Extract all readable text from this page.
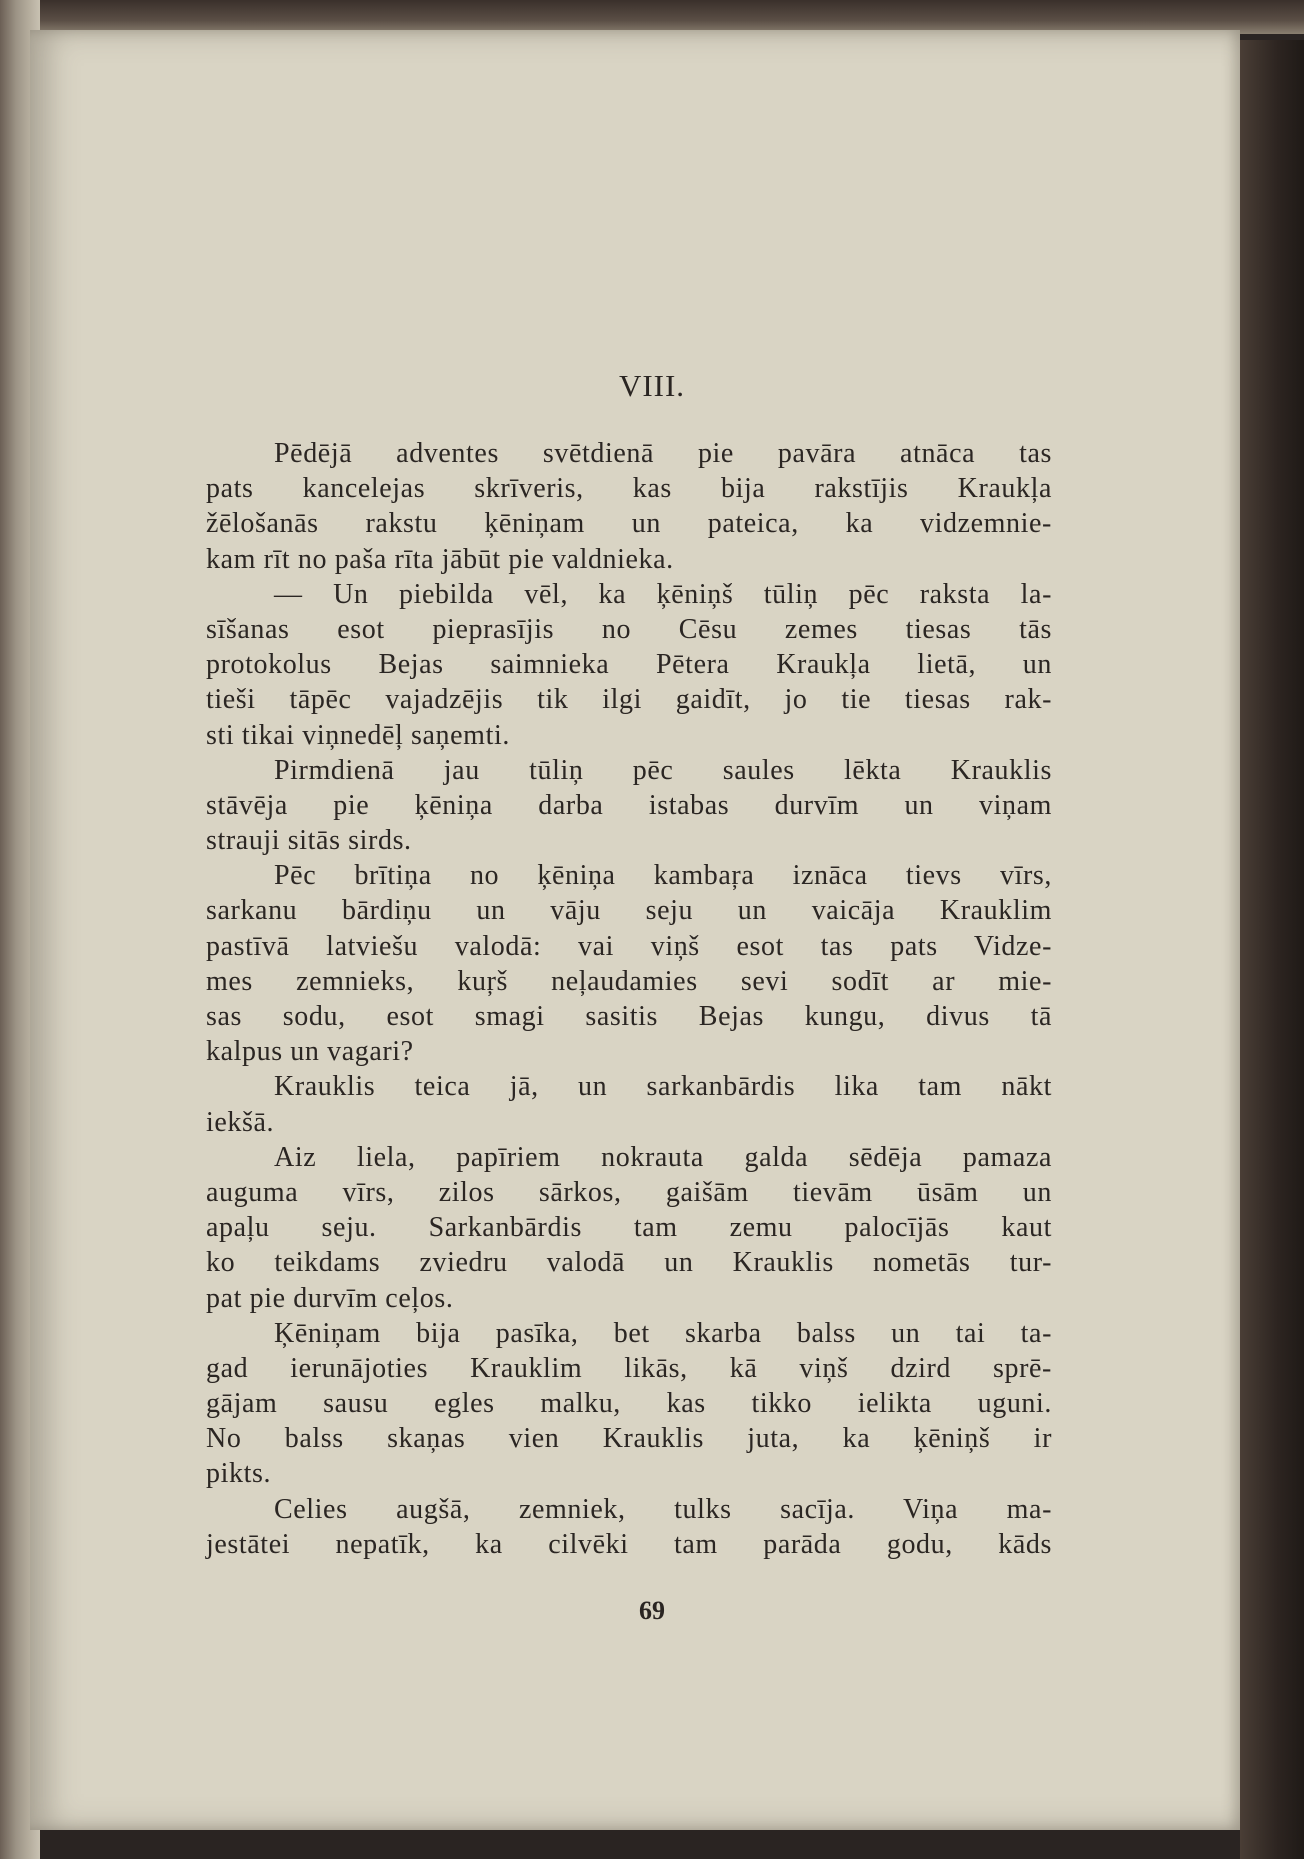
VIII.
Pēdējā adventes svētdienā pie pavāra atnāca tas
pats kancelejas skrīveris, kas bija rakstījis Kraukļa
žēlošanās rakstu ķēniņam un pateica, ka vidzemnie-
kam rīt no paša rīta jābūt pie valdnieka.
— Un piebilda vēl, ka ķēniņš tūliņ pēc raksta la-
sīšanas esot pieprasījis no Cēsu zemes tiesas tās
protokolus Bejas saimnieka Pētera Kraukļa lietā, un
tieši tāpēc vajadzējis tik ilgi gaidīt, jo tie tiesas rak-
sti tikai viņnedēļ saņemti.
Pirmdienā jau tūliņ pēc saules lēkta Krauklis
stāvēja pie ķēniņa darba istabas durvīm un viņam
strauji sitās sirds.
Pēc brītiņa no ķēniņa kambaŗa iznāca tievs vīrs,
sarkanu bārdiņu un vāju seju un vaicāja Krauklim
pastīvā latviešu valodā: vai viņš esot tas pats Vidze-
mes zemnieks, kuŗš neļaudamies sevi sodīt ar mie-
sas sodu, esot smagi sasitis Bejas kungu, divus tā
kalpus un vagari?
Krauklis teica jā, un sarkanbārdis lika tam nākt
iekšā.
Aiz liela, papīriem nokrauta galda sēdēja pamaza
auguma vīrs, zilos sārkos, gaišām tievām ūsām un
apaļu seju. Sarkanbārdis tam zemu palocījās kaut
ko teikdams zviedru valodā un Krauklis nometās tur-
pat pie durvīm ceļos.
Ķēniņam bija pasīka, bet skarba balss un tai ta-
gad ierunājoties Krauklim likās, kā viņš dzird sprē-
gājam sausu egles malku, kas tikko ielikta uguni.
No balss skaņas vien Krauklis juta, ka ķēniņš ir
pikts.
Celies augšā, zemniek, tulks sacīja. Viņa ma-
jestātei nepatīk, ka cilvēki tam parāda godu, kāds
69
